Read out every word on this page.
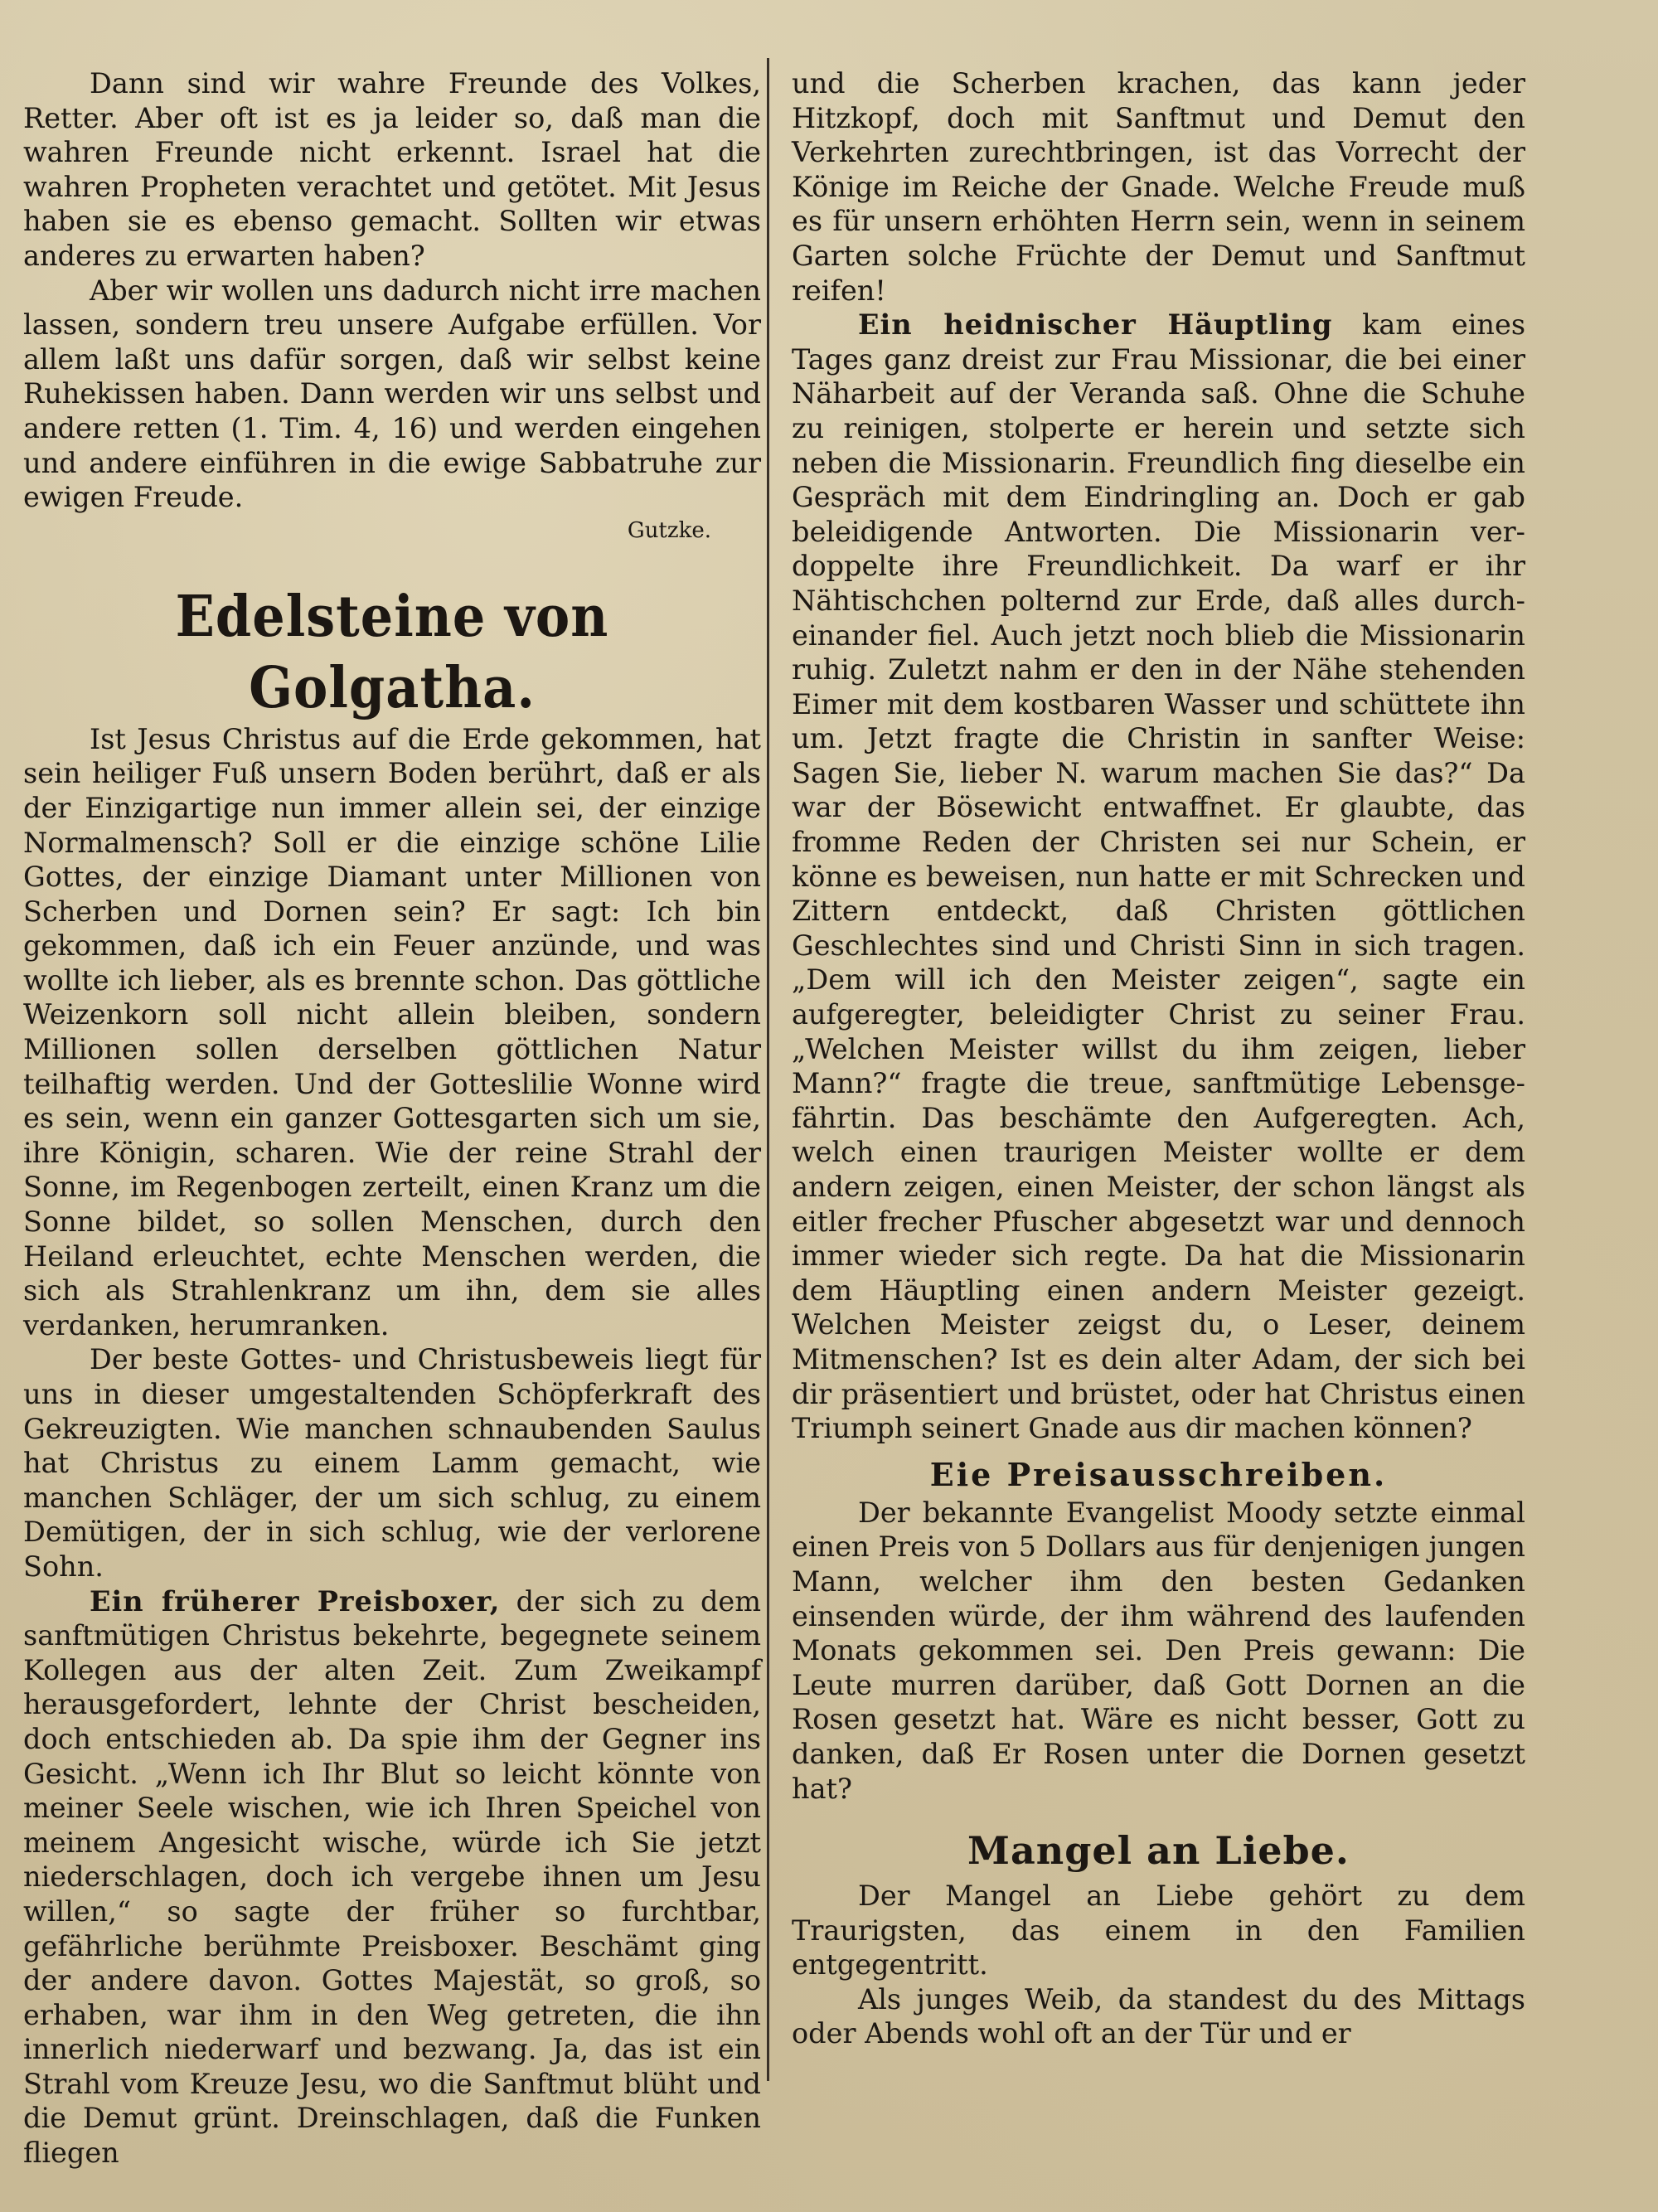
Dann sind wir wahre Freunde des Volkes, Retter. Aber oft ist es ja leider so, daß man die wahren Freunde nicht erkennt. Israel hat die wahren Propheten verachtet und getötet. Mit Jesus haben sie es ebenso gemacht. Sollten wir etwas anderes zu erwarten haben?

Aber wir wollen uns dadurch nicht irre machen lassen, sondern treu unsere Aufgabe erfüllen. Vor allem laßt uns dafür sorgen, daß wir selbst keine Ruhekissen haben. Dann werden wir uns selbst und andere retten (1. Tim. 4, 16) und werden eingehen und andere einführen in die ewige Sabbatruhe zur ewigen Freude.

Gutzke.
Edelsteine von Golgatha.

Ist Jesus Christus auf die Erde gekommen, hat sein heiliger Fuß unsern Boden berührt, daß er als der Einzigartige nun immer allein sei, der einzige Normalmensch? Soll er die einzige schöne Lilie Gottes, der einzige Diamant unter Millionen von Scherben und Dornen sein? Er sagt: Ich bin gekommen, daß ich ein Feuer anzünde, und was wollte ich lieber, als es brennte schon. Das göttliche Weizenkorn soll nicht allein bleiben, sondern Millionen sollen derselben göttlichen Natur teilhaftig werden. Und der Gotteslilie Wonne wird es sein, wenn ein ganzer Gottesgarten sich um sie, ihre Königin, scharen. Wie der reine Strahl der Sonne, im Regenbogen zerteilt, einen Kranz um die Sonne bildet, so sollen Menschen, durch den Heiland erleuchtet, echte Menschen werden, die sich als Strahlenkranz um ihn, dem sie alles verdanken, herumranken.

Der beste Gottes- und Christusbeweis liegt für uns in dieser umgestaltenden Schöpferkraft des Gekreuzigten. Wie manchen schnaubenden Saulus hat Christus zu einem Lamm gemacht, wie manchen Schläger, der um sich schlug, zu einem Demütigen, der in sich schlug, wie der verlorene Sohn.

Ein früherer Preisboxer, der sich zu dem sanftmütigen Christus bekehrte, begegnete seinem Kollegen aus der alten Zeit. Zum Zweikampf herausgefordert, lehnte der Christ bescheiden, doch entschieden ab. Da spie ihm der Gegner ins Gesicht. „Wenn ich Ihr Blut so leicht könnte von meiner Seele wischen, wie ich Ihren Speichel von meinem Angesicht wische, würde ich Sie jetzt niederschlagen, doch ich vergebe ihnen um Jesu willen,“ so sagte der früher so furchtbar, gefährliche berühmte Preisboxer. Beschämt ging der andere davon. Gottes Majestät, so groß, so erhaben, war ihm in den Weg getreten, die ihn innerlich niederwarf und bezwang. Ja, das ist ein Strahl vom Kreuze Jesu, wo die Sanftmut blüht und die Demut grünt. Dreinschlagen, daß die Funken fliegen

und die Scherben krachen, das kann jeder Hitzkopf, doch mit Sanftmut und Demut den Verkehrten zurechtbringen, ist das Vorrecht der Könige im Reiche der Gnade. Welche Freude muß es für unsern erhöhten Herrn sein, wenn in seinem Garten solche Früchte der Demut und Sanftmut reifen!

Ein heidnischer Häuptling kam eines Tages ganz dreist zur Frau Missionar, die bei einer Näharbeit auf der Veranda saß. Ohne die Schuhe zu reinigen, stolperte er herein und setzte sich neben die Missionarin. Freundlich fing dieselbe ein Gespräch mit dem Eindringling an. Doch er gab beleidigende Antworten. Die Missionarin verdoppelte ihre Freundlichkeit. Da warf er ihr Nähtischchen polternd zur Erde, daß alles durcheinander fiel. Auch jetzt noch blieb die Missionarin ruhig. Zuletzt nahm er den in der Nähe stehenden Eimer mit dem kostbaren Wasser und schüttete ihn um. Jetzt fragte die Christin in sanfter Weise: Sagen Sie, lieber N. warum machen Sie das?“ Da war der Bösewicht entwaffnet. Er glaubte, das fromme Reden der Christen sei nur Schein, er könne es beweisen, nun hatte er mit Schrecken und Zittern entdeckt, daß Christen göttlichen Geschlechtes sind und Christi Sinn in sich tragen. „Dem will ich den Meister zeigen“, sagte ein aufgeregter, beleidigter Christ zu seiner Frau. „Welchen Meister willst du ihm zeigen, lieber Mann?“ fragte die treue, sanftmütige Lebensgefährtin. Das beschämte den Aufgeregten. Ach, welch einen traurigen Meister wollte er dem andern zeigen, einen Meister, der schon längst als eitler frecher Pfuscher abgesetzt war und dennoch immer wieder sich regte. Da hat die Missionarin dem Häuptling einen andern Meister gezeigt. Welchen Meister zeigst du, o Leser, deinem Mitmenschen? Ist es dein alter Adam, der sich bei dir präsentiert und brüstet, oder hat Christus einen Triumph seinert Gnade aus dir machen können?

Eie Preisausschreiben.

Der bekannte Evangelist Moody setzte einmal einen Preis von 5 Dollars aus für denjenigen jungen Mann, welcher ihm den besten Gedanken einsenden würde, der ihm während des laufenden Monats gekommen sei. Den Preis gewann: Die Leute murren darüber, daß Gott Dornen an die Rosen gesetzt hat. Wäre es nicht besser, Gott zu danken, daß Er Rosen unter die Dornen gesetzt hat?

Mangel an Liebe.

Der Mangel an Liebe gehört zu dem Traurigsten, das einem in den Familien entgegentritt.

Als junges Weib, da standest du des Mittags oder Abends wohl oft an der Tür und er
